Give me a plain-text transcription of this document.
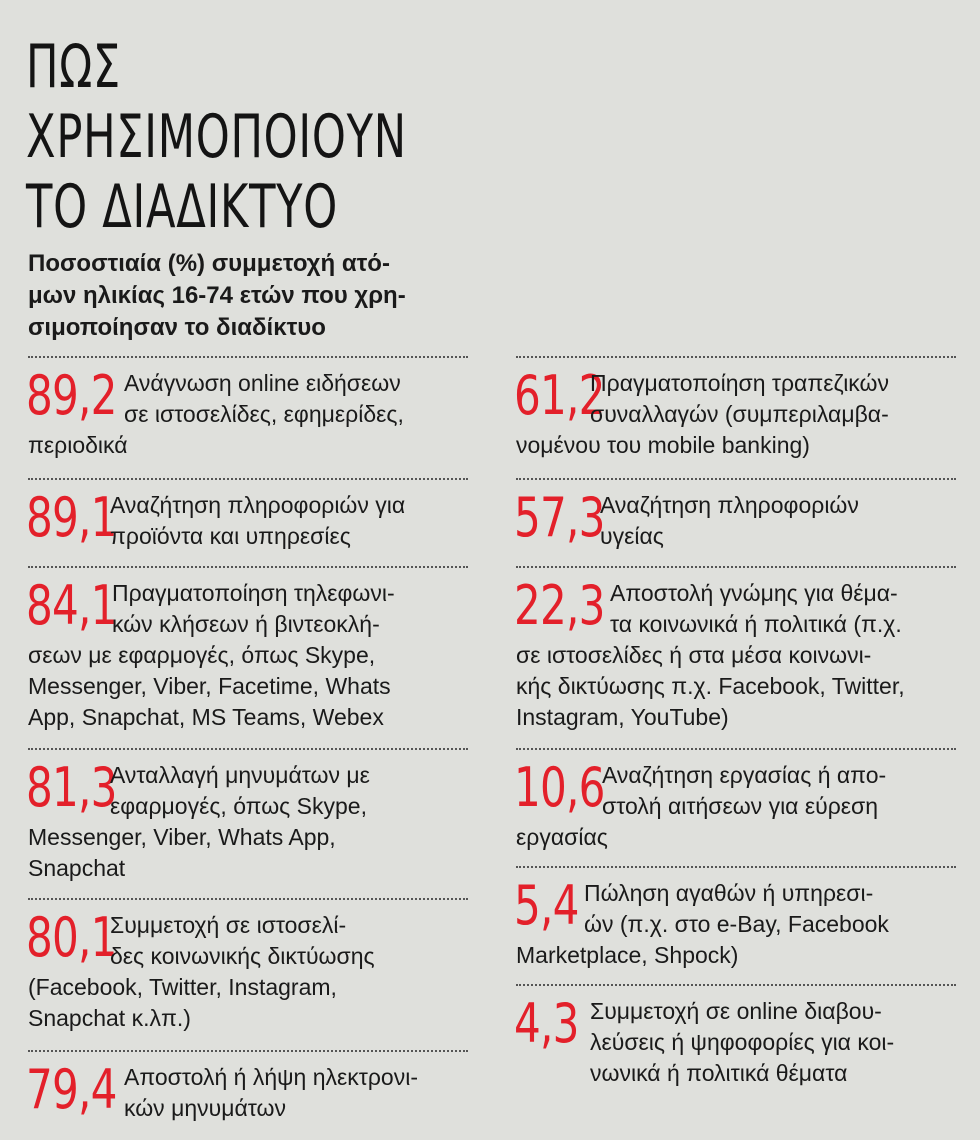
ΠΩΣ
ΧΡΗΣΙΜΟΠΟΙΟΥΝ
ΤΟ ΔΙΑΔΙΚΤΥΟ
Ποσοστιαία (%) συμμετοχή ατό-
μων ηλικίας 16-74 ετών που χρη-
σιμοποίησαν το διαδίκτυο
89,2 Ανάγνωση online ειδήσεων
σε ιστοσελίδες, εφημερίδες,
περιοδικά
89,1
Αναζήτηση πληροφοριών για
προϊόντα και υπηρεσίες
84,1
Πραγματοποίηση τηλεφωνι-
κών κλήσεων ή βιντεοκλή-
σεων με εφαρμογές, όπως Skype,
Messenger, Viber, Facetime, Whats
App, Snapchat, MS Teams, Webex
81,3
Ανταλλαγή μηνυμάτων με
εφαρμογές, όπως Skype,
Messenger, Viber, Whats App,
Snapchat
80,1
Συμμετοχή σε ιστοσελί-
δες κοινωνικής δικτύωσης
(Facebook, Twitter, Instagram,
Snapchat κ.λπ.)
79,4 Αποστολή ή λήψη ηλεκτρονι-
κών μηνυμάτων
61,2
Πραγματοποίηση τραπεζικών
συναλλαγών (συμπεριλαμβα-
νομένου του mobile banking)
57,3
Αναζήτηση πληροφοριών
υγείας
22,3 Αποστολή γνώμης για θέμα-
τα κοινωνικά ή πολιτικά (π.χ.
σε ιστοσελίδες ή στα μέσα κοινωνι-
κής δικτύωσης π.χ. Facebook, Twitter,
Instagram, YouTube)
10,6
Αναζήτηση εργασίας ή απο-
στολή αιτήσεων για εύρεση
εργασίας
5,4 Πώληση αγαθών ή υπηρεσι-
ών (π.χ. στο e-Bay, Facebook
Marketplace, Shpock)
4,3 Συμμετοχή σε online διαβου-
λεύσεις ή ψηφοφορίες για κοι-
νωνικά ή πολιτικά θέματα
